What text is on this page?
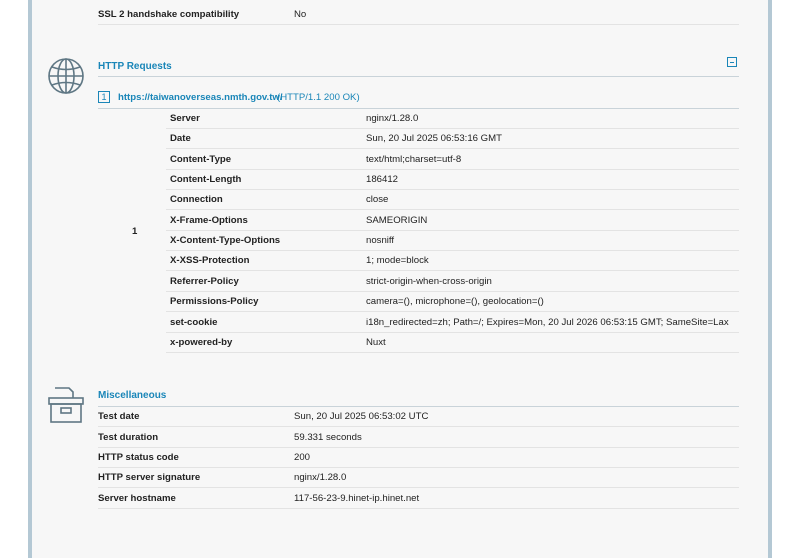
SSL 2 handshake compatibility	No
HTTP Requests
1	https://taiwanoverseas.nmth.gov.tw/
(HTTP/1.1 200 OK)
1
Server	nginx/1.28.0
Date	Sun, 20 Jul 2025 06:53:16 GMT
Content-Type	text/html;charset=utf-8
Content-Length	186412
Connection	close
X-Frame-Options	SAMEORIGIN
X-Content-Type-Options	nosniff
X-XSS-Protection	1; mode=block
Referrer-Policy	strict-origin-when-cross-origin
Permissions-Policy	camera=(), microphone=(), geolocation=()
set-cookie	i18n_redirected=zh; Path=/; Expires=Mon, 20 Jul 2026 06:53:15 GMT; SameSite=Lax
x-powered-by	Nuxt
Miscellaneous
Test date	Sun, 20 Jul 2025 06:53:02 UTC
Test duration	59.331 seconds
HTTP status code	200
HTTP server signature	nginx/1.28.0
Server hostname	117-56-23-9.hinet-ip.hinet.net
